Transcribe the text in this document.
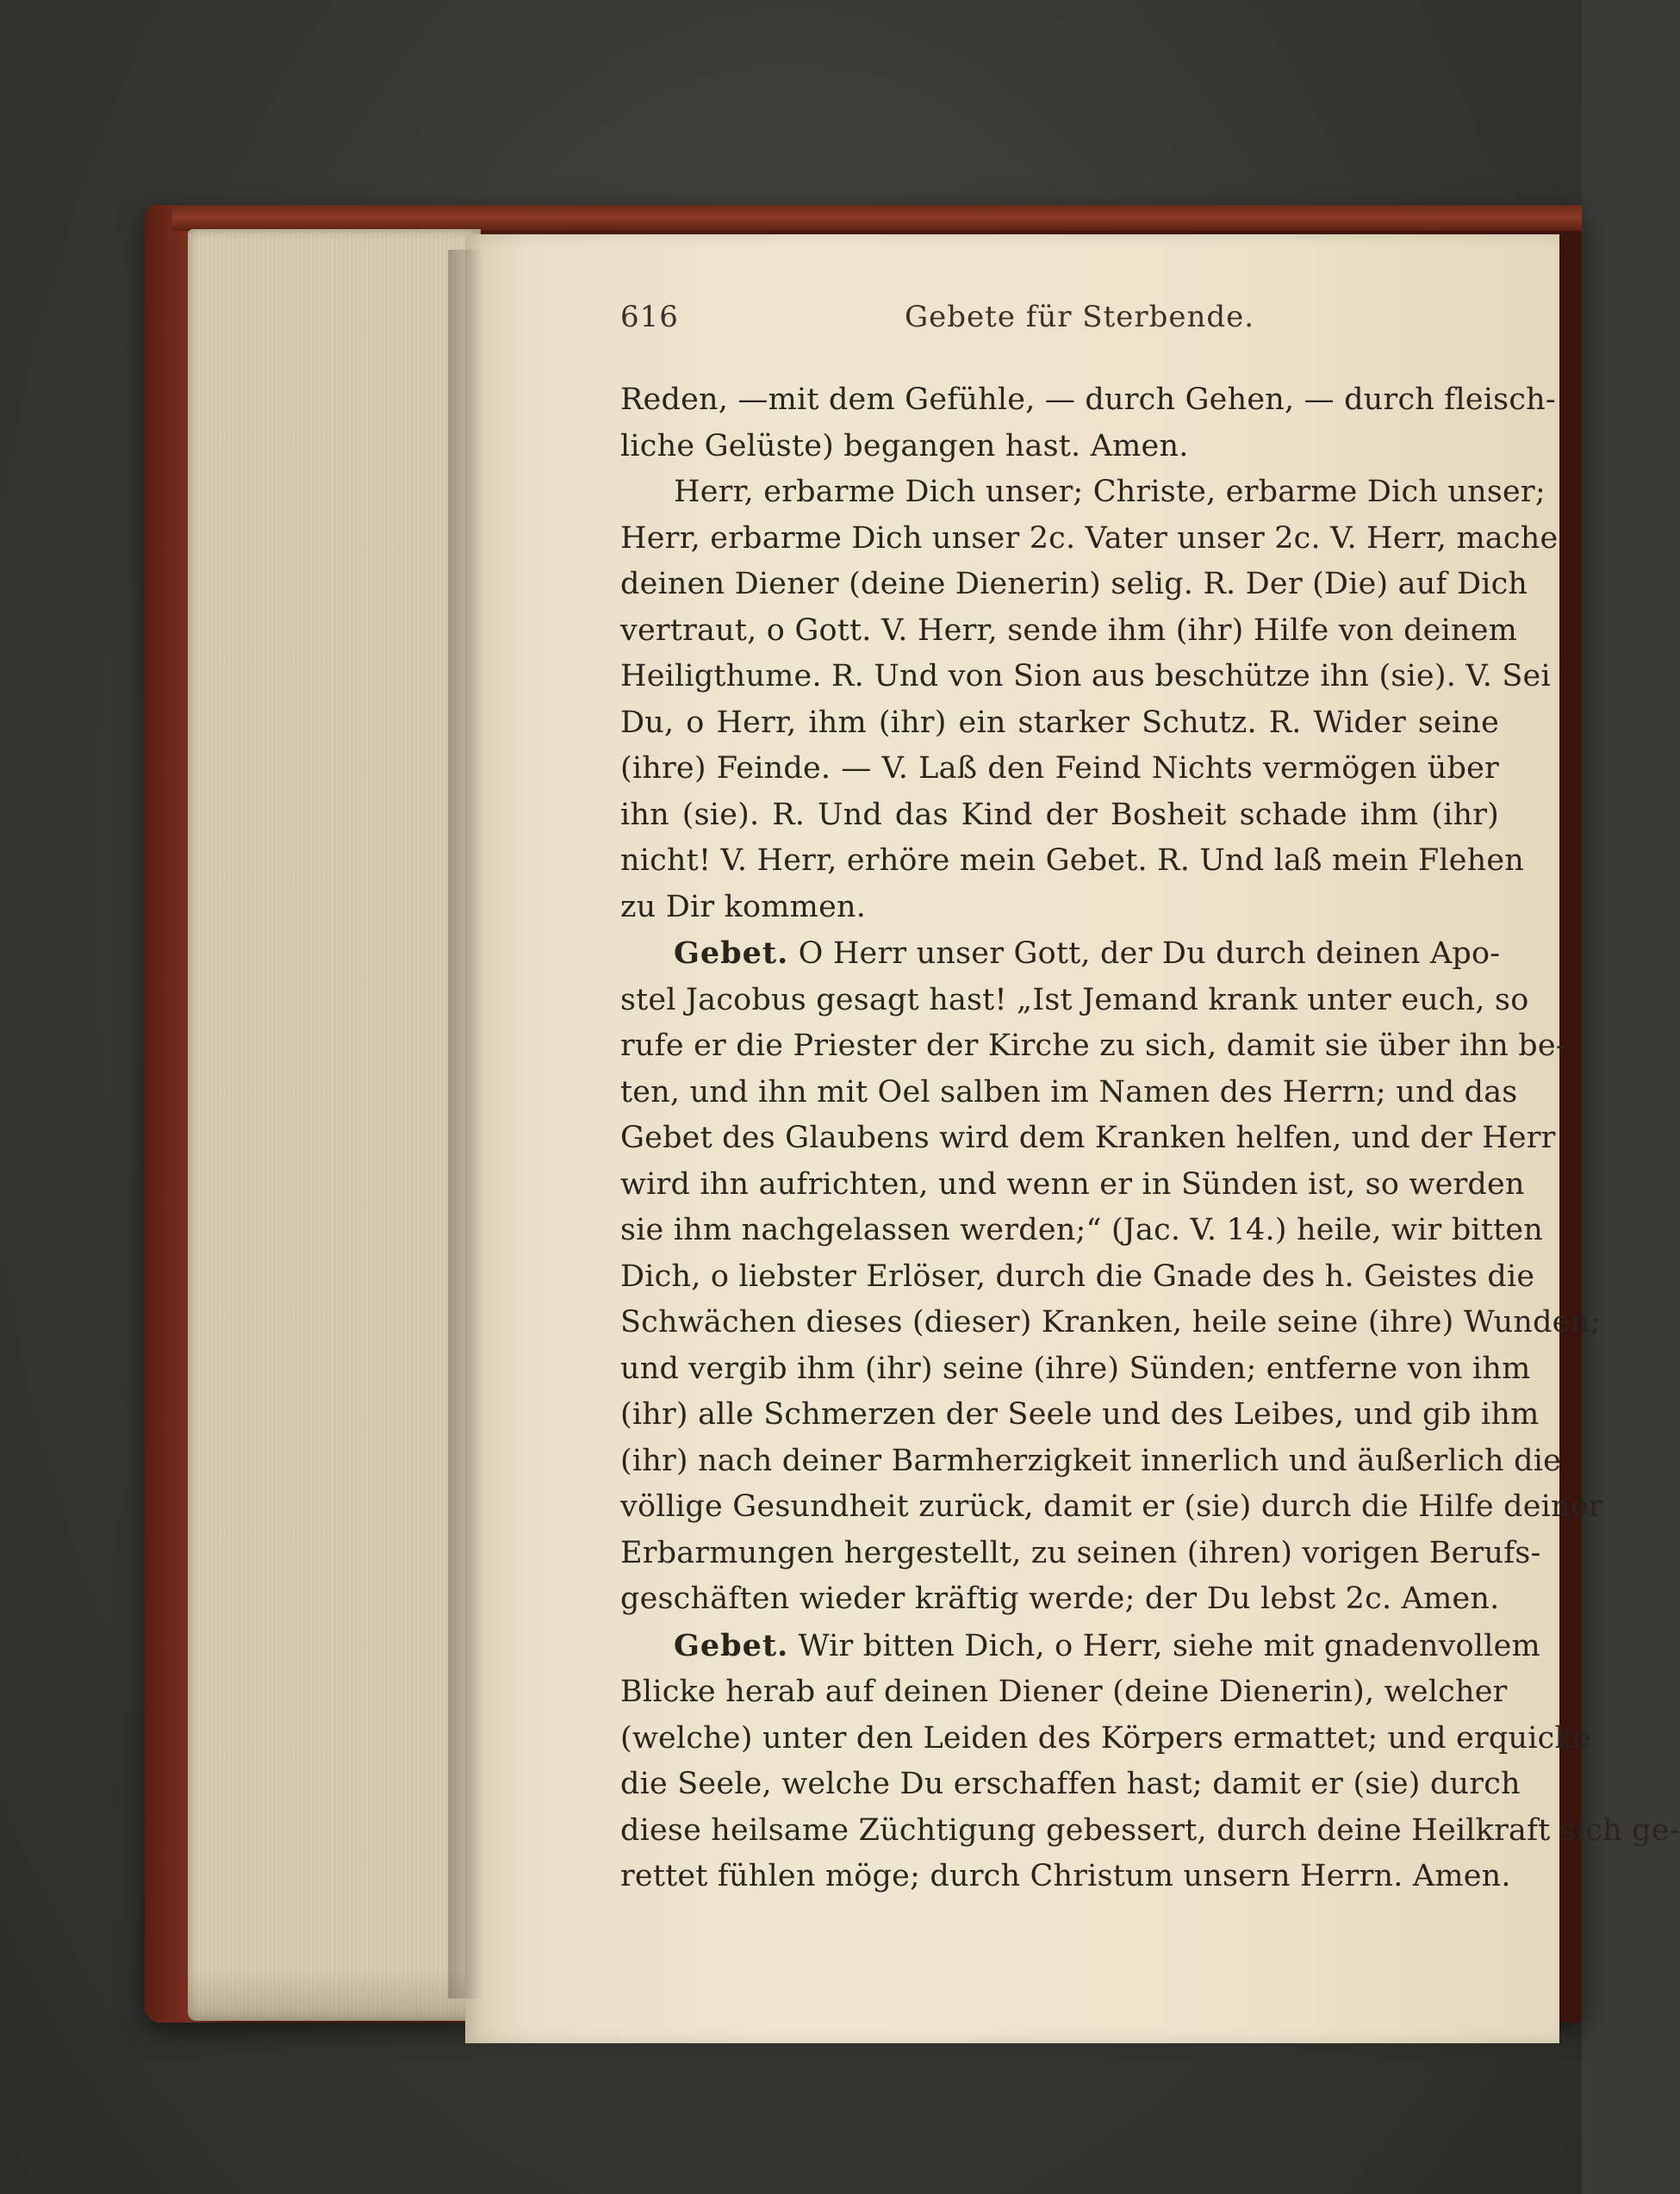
616	Gebete für Sterbende.
Reden, —mit dem Gefühle, — durch Gehen, — durch fleisch-
liche Gelüste) begangen hast. Amen.
Herr, erbarme Dich unser; Christe, erbarme Dich unser;
Herr, erbarme Dich unser 2c. Vater unser 2c. V. Herr, mache
deinen Diener (deine Dienerin) selig. R. Der (Die) auf Dich
vertraut, o Gott. V. Herr, sende ihm (ihr) Hilfe von deinem
Heiligthume. R. Und von Sion aus beschütze ihn (sie). V. Sei
Du, o Herr, ihm (ihr) ein starker Schutz. R. Wider seine
(ihre) Feinde. — V. Laß den Feind Nichts vermögen über
ihn (sie). R. Und das Kind der Bosheit schade ihm (ihr)
nicht! V. Herr, erhöre mein Gebet. R. Und laß mein Flehen
zu Dir kommen.
Gebet. O Herr unser Gott, der Du durch deinen Apo-
stel Jacobus gesagt hast! „Ist Jemand krank unter euch, so
rufe er die Priester der Kirche zu sich, damit sie über ihn be-
ten, und ihn mit Oel salben im Namen des Herrn; und das
Gebet des Glaubens wird dem Kranken helfen, und der Herr
wird ihn aufrichten, und wenn er in Sünden ist, so werden
sie ihm nachgelassen werden;“ (Jac. V. 14.) heile, wir bitten
Dich, o liebster Erlöser, durch die Gnade des h. Geistes die
Schwächen dieses (dieser) Kranken, heile seine (ihre) Wunden;
und vergib ihm (ihr) seine (ihre) Sünden; entferne von ihm
(ihr) alle Schmerzen der Seele und des Leibes, und gib ihm
(ihr) nach deiner Barmherzigkeit innerlich und äußerlich die
völlige Gesundheit zurück, damit er (sie) durch die Hilfe deiner
Erbarmungen hergestellt, zu seinen (ihren) vorigen Berufs-
geschäften wieder kräftig werde; der Du lebst 2c. Amen.
Gebet. Wir bitten Dich, o Herr, siehe mit gnadenvollem
Blicke herab auf deinen Diener (deine Dienerin), welcher
(welche) unter den Leiden des Körpers ermattet; und erquicke
die Seele, welche Du erschaffen hast; damit er (sie) durch
diese heilsame Züchtigung gebessert, durch deine Heilkraft sich ge-
rettet fühlen möge; durch Christum unsern Herrn. Amen.
